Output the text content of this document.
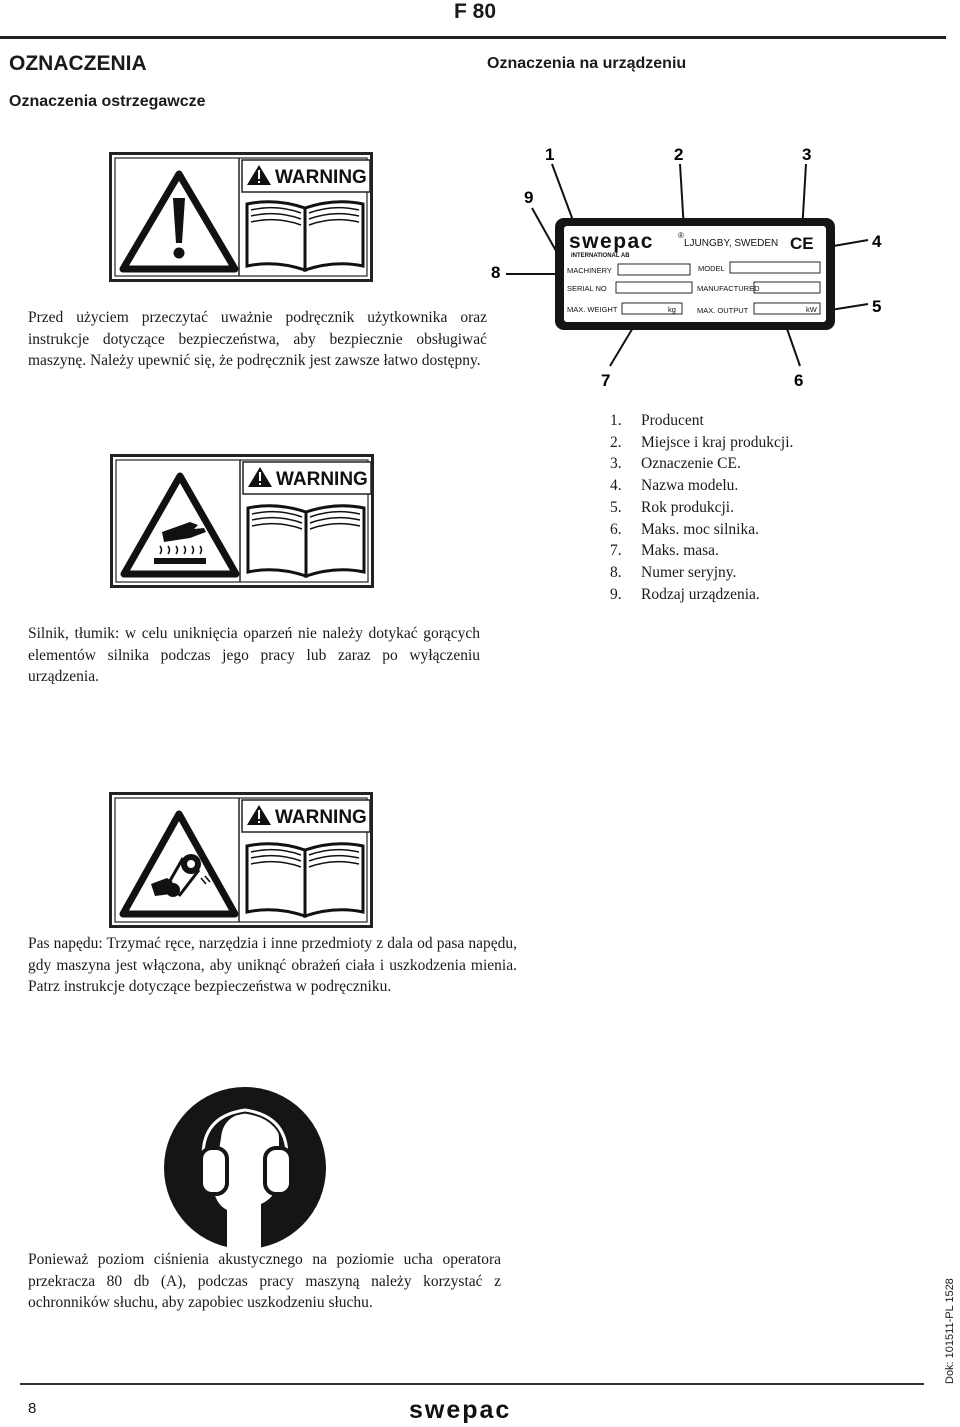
F 80
OZNACZENIA
Oznaczenia ostrzegawcze
Oznaczenia na urządzeniu
WARNING
Przed użyciem przeczytać uważnie podręcznik użytkownika oraz instrukcje dotyczące bezpieczeństwa, aby bezpiecznie obsługiwać maszynę. Należy upewnić się, że podręcznik jest zawsze łatwo dostępny.
WARNING
Silnik, tłumik: w celu uniknięcia oparzeń nie należy dotykać gorących elementów silnika podczas jego pracy lub zaraz po wyłączeniu urządzenia.
WARNING
Pas napędu: Trzymać ręce, narzędzia i inne przedmioty z dala od pasa napędu, gdy maszyna jest włączona, aby uniknąć obrażeń ciała i uszkodzenia mienia. Patrz instrukcje dotyczące bezpieczeństwa w podręczniku.
Ponieważ poziom ciśnienia akustycznego na poziomie ucha operatora przekracza 80 db (A), podczas pracy maszyną należy korzystać z ochronników słuchu, aby zapobiec uszkodzeniu słuchu.
1	2	3
9
4
8
5
7	6
swepac	®
INTERNATIONAL AB
LJUNGBY, SWEDEN CE
MACHINERY	MODEL
SERIAL NO	MANUFACTURED
MAX. WEIGHT	kg	MAX. OUTPUT	kW
1.	Producent
2.	Miejsce i kraj produkcji.
3.	Oznaczenie CE.
4.	Nazwa modelu.
5.	Rok produkcji.
6.	Maks. moc silnika.
7.	Maks. masa.
8.	Numer seryjny.
9.	Rodzaj urządzenia.
8
Dok: 101511-PL 1528
swepac
